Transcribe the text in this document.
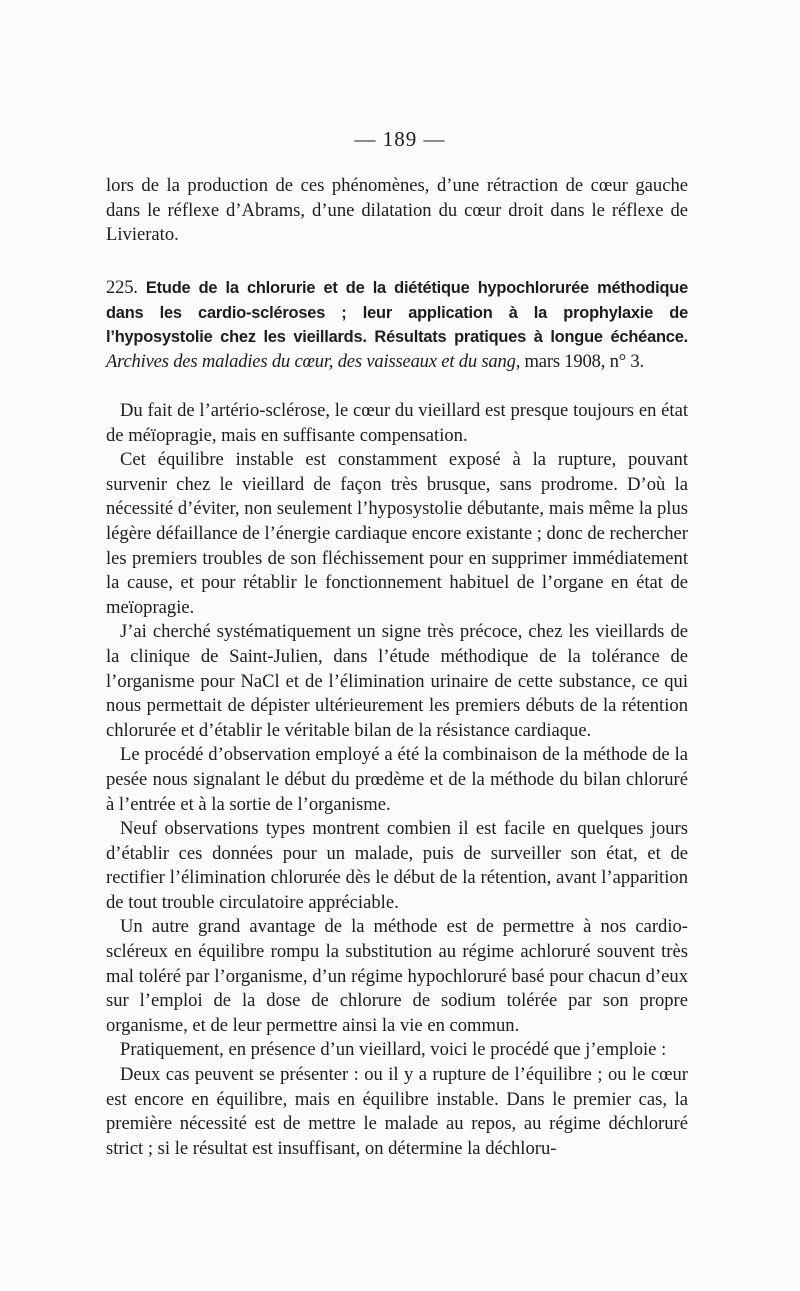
— 189 —

lors de la production de ces phénomènes, d’une rétraction de cœur gauche dans le réflexe d’Abrams, d’une dilatation du cœur droit dans le réflexe de Livierato.

225. Etude de la chlorurie et de la diététique hypochlorurée méthodique dans les cardio-scléroses ; leur application à la prophylaxie de l’hyposystolie chez les vieillards. Résultats pratiques à longue échéance. Archives des maladies du cœur, des vaisseaux et du sang, mars 1908, n° 3.

Du fait de l’artério-sclérose, le cœur du vieillard est presque toujours en état de méïopragie, mais en suffisante compensation.

Cet équilibre instable est constamment exposé à la rupture, pouvant survenir chez le vieillard de façon très brusque, sans prodrome. D’où la nécessité d’éviter, non seulement l’hyposystolie débutante, mais même la plus légère défaillance de l’énergie cardiaque encore existante ; donc de rechercher les premiers troubles de son fléchissement pour en supprimer immédiatement la cause, et pour rétablir le fonctionnement habituel de l’organe en état de meïopragie.

J’ai cherché systématiquement un signe très précoce, chez les vieillards de la clinique de Saint-Julien, dans l’étude méthodique de la tolérance de l’organisme pour NaCl et de l’élimination urinaire de cette substance, ce qui nous permettait de dépister ultérieurement les premiers débuts de la rétention chlorurée et d’établir le véritable bilan de la résistance cardiaque.

Le procédé d’observation employé a été la combinaison de la méthode de la pesée nous signalant le début du prœdème et de la méthode du bilan chloruré à l’entrée et à la sortie de l’organisme.

Neuf observations types montrent combien il est facile en quelques jours d’établir ces données pour un malade, puis de surveiller son état, et de rectifier l’élimination chlorurée dès le début de la rétention, avant l’apparition de tout trouble circulatoire appréciable.

Un autre grand avantage de la méthode est de permettre à nos cardio-scléreux en équilibre rompu la substitution au régime achloruré souvent très mal toléré par l’organisme, d’un régime hypochloruré basé pour chacun d’eux sur l’emploi de la dose de chlorure de sodium tolérée par son propre organisme, et de leur permettre ainsi la vie en commun.

Pratiquement, en présence d’un vieillard, voici le procédé que j’emploie :

Deux cas peuvent se présenter : ou il y a rupture de l’équilibre ; ou le cœur est encore en équilibre, mais en équilibre instable. Dans le premier cas, la première nécessité est de mettre le malade au repos, au régime déchloruré strict ; si le résultat est insuffisant, on détermine la déchloru-
